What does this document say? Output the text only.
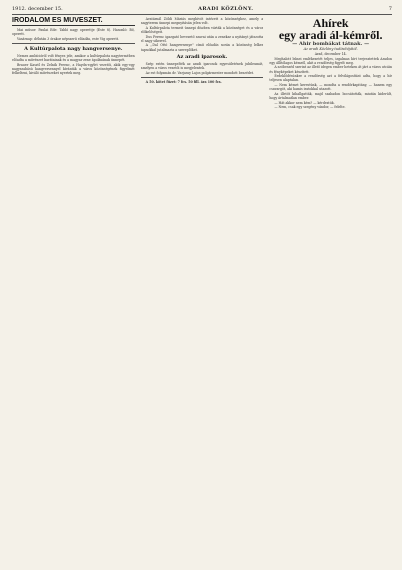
1912. december 15.	ARADI KÖZLÖNY.	7
IRODALOM ÉS MŰVÉSZET.

Mai műsor: Paulai Ede: Tabló nagy operettje (Este 8). Hasonló: Bő, operett.

Vasárnap: délután 3 órakor népszerű előadás, este Vig operett.

A Kultúrpalota nagy hangversenye.

Nemes ambícióról volt fényes jele, amikor a kultúrpalota nagytermében előadta a művészet barátainak és a magyar zene ápolásának ünnepét.

Brauer Kasztl és Zelnik Ferenc, a Haydn-egylet vezetői, akik egy-egy nagyszabású hangversennyel kívánták a város közönségének figyelmét felkelteni, kiváló művészeket nyertek meg.

Avatárnál Zöldi Máriás meghívót intézett a közönséghez, amely a nagyterem ünnepi megnyitásán jelen volt.

A Kultúrpalota termeit ünnepi díszben várták a közönséget és a város előkelőségeit.

Dus Ferenc igazgató bevezető szavai után a zenekar a nyitányt játszotta el nagy sikerrel.

A ,,Dal Ottó hangversenye" című előadás során a közönség lelkes tapsokkal jutalmazta a szereplőket.

Az aradi iparosok.

Szép estén ünnepelték az aradi iparosok egyesületének jubileumát, amelyen a város vezetői is megjelentek.

Az est folyamán dr. Varjassy Lajos polgármester mondott beszédet.

A 50. kötet füzet: 7 fcs. 50 fill. ára 100 fcs.

Ahírek
egy aradi ál-kémről.
— Ahir bombákat tátnak. —
Az aradi Közlöny tudósítójától.

Arad, december 14.

Meghalott bűnei emlékezetét teljes, izgalmas hírt terjesztettek Aradon egy állítólagos kémről, akit a rendőrség figyelt meg.

A szóbeszéd szerint az illető idegen ember heteken át járt a város utcáin és fényképeket készített.

Érdeklődésünkre a rendőrség azt a felvilágosítást adta, hogy a hír teljesen alaptalan.

— Nem kémet kerestünk, — mondta a rendőrkapitány, — hanem egy csavargót, aki hamis iratokkal utazott.

Az illetőt kihallgatták, majd szabadon bocsátották, miután kiderült, hogy ártalmatlan ember.

— Hát akkor nem kém? — kérdeztük.

— Nem, csak egy szegény vándor, — felelte.
